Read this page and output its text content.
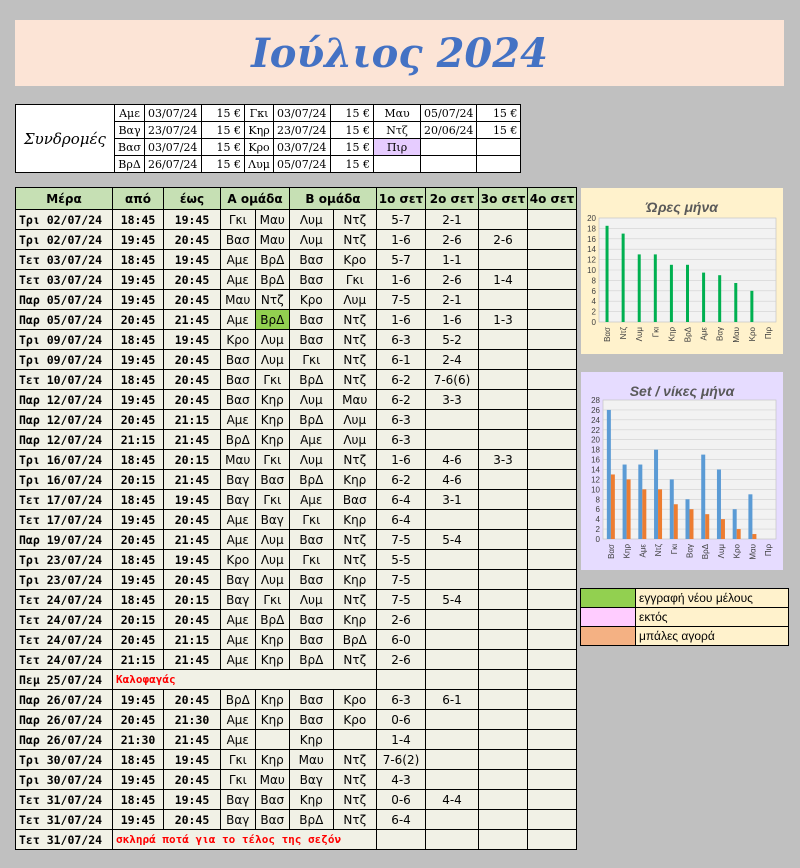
Ιούλιος 2024
Συνδρομές	Αμε	03/07/24	15 €	Γκι	03/07/24	15 €	Μαυ	05/07/24	15 €
	Βαγ	23/07/24	15 €	Κηρ	23/07/24	15 €	Ντζ	20/06/24	15 €
	Βασ	03/07/24	15 €	Κρο	03/07/24	15 €	Πιρ		
	ΒρΔ	26/07/24	15 €	Λυμ	05/07/24	15 €			
Μέρα	από	έως	Α ομάδα		Β ομάδα		1ο σετ	2ο σετ	3ο σετ	4ο σετ
Τρι 02/07/24	18:45	19:45	Γκι	Μαυ	Λυμ	Ντζ	5-7	2-1		
Τρι 02/07/24	19:45	20:45	Βασ	Μαυ	Λυμ	Ντζ	1-6	2-6	2-6	
Τετ 03/07/24	18:45	19:45	Αμε	ΒρΔ	Βασ	Κρο	5-7	1-1		
Τετ 03/07/24	19:45	20:45	Αμε	ΒρΔ	Βασ	Γκι	1-6	2-6	1-4	
Παρ 05/07/24	19:45	20:45	Μαυ	Ντζ	Κρο	Λυμ	7-5	2-1		
Παρ 05/07/24	20:45	21:45	Αμε	ΒρΔ	Βασ	Ντζ	1-6	1-6	1-3	
Τρι 09/07/24	18:45	19:45	Κρο	Λυμ	Βασ	Ντζ	6-3	5-2		
Τρι 09/07/24	19:45	20:45	Βασ	Λυμ	Γκι	Ντζ	6-1	2-4		
Τετ 10/07/24	18:45	20:45	Βασ	Γκι	ΒρΔ	Ντζ	6-2	7-6(6)		
Παρ 12/07/24	19:45	20:45	Βασ	Κηρ	Λυμ	Μαυ	6-2	3-3		
Παρ 12/07/24	20:45	21:15	Αμε	Κηρ	ΒρΔ	Λυμ	6-3			
Παρ 12/07/24	21:15	21:45	ΒρΔ	Κηρ	Αμε	Λυμ	6-3			
Τρι 16/07/24	18:45	20:15	Μαυ	Γκι	Λυμ	Ντζ	1-6	4-6	3-3	
Τρι 16/07/24	20:15	21:45	Βαγ	Βασ	ΒρΔ	Κηρ	6-2	4-6		
Τετ 17/07/24	18:45	19:45	Βαγ	Γκι	Αμε	Βασ	6-4	3-1		
Τετ 17/07/24	19:45	20:45	Αμε	Βαγ	Γκι	Κηρ	6-4			
Παρ 19/07/24	20:45	21:45	Αμε	Λυμ	Βασ	Ντζ	7-5	5-4		
Τρι 23/07/24	18:45	19:45	Κρο	Λυμ	Γκι	Ντζ	5-5			
Τρι 23/07/24	19:45	20:45	Βαγ	Λυμ	Βασ	Κηρ	7-5			
Τετ 24/07/24	18:45	20:15	Βαγ	Γκι	Λυμ	Ντζ	7-5	5-4		
Τετ 24/07/24	20:15	20:45	Αμε	ΒρΔ	Βασ	Κηρ	2-6			
Τετ 24/07/24	20:45	21:15	Αμε	Κηρ	Βασ	ΒρΔ	6-0			
Τετ 24/07/24	21:15	21:45	Αμε	Κηρ	ΒρΔ	Ντζ	2-6			
Πεμ 25/07/24	Καλοφαγάς									
Παρ 26/07/24	19:45	20:45	ΒρΔ	Κηρ	Βασ	Κρο	6-3	6-1		
Παρ 26/07/24	20:45	21:30	Αμε	Κηρ	Βασ	Κρο	0-6			
Παρ 26/07/24	21:30	21:45	Αμε		Κηρ		1-4			
Τρι 30/07/24	18:45	19:45	Γκι	Κηρ	Μαυ	Ντζ	7-6(2)			
Τρι 30/07/24	19:45	20:45	Γκι	Μαυ	Βαγ	Ντζ	4-3			
Τετ 31/07/24	18:45	19:45	Βαγ	Βασ	Κηρ	Ντζ	0-6	4-4		
Τετ 31/07/24	19:45	20:45	Βαγ	Βασ	ΒρΔ	Ντζ	6-4			
Τετ 31/07/24	σκληρά ποτά για το τέλος της σεζόν									
Ώρες μήνα
0
2
4
6
8
10
12
14
16
18
20
Βασ Ντζ Λυμ Γκι Κηρ ΒρΔ Αμε Βαγ Μαυ Κρο Πιρ
Set / νίκες μήνα
0
2
4
6
8
10
12
14
16
18
20
22
24
26
28
Βασ Κηρ Αμε Ντζ Γκι Βαγ ΒρΔ Λυμ Κρο Μαυ Πιρ
	εγγραφή νέου μέλους
	εκτός
	μπάλες αγορά
